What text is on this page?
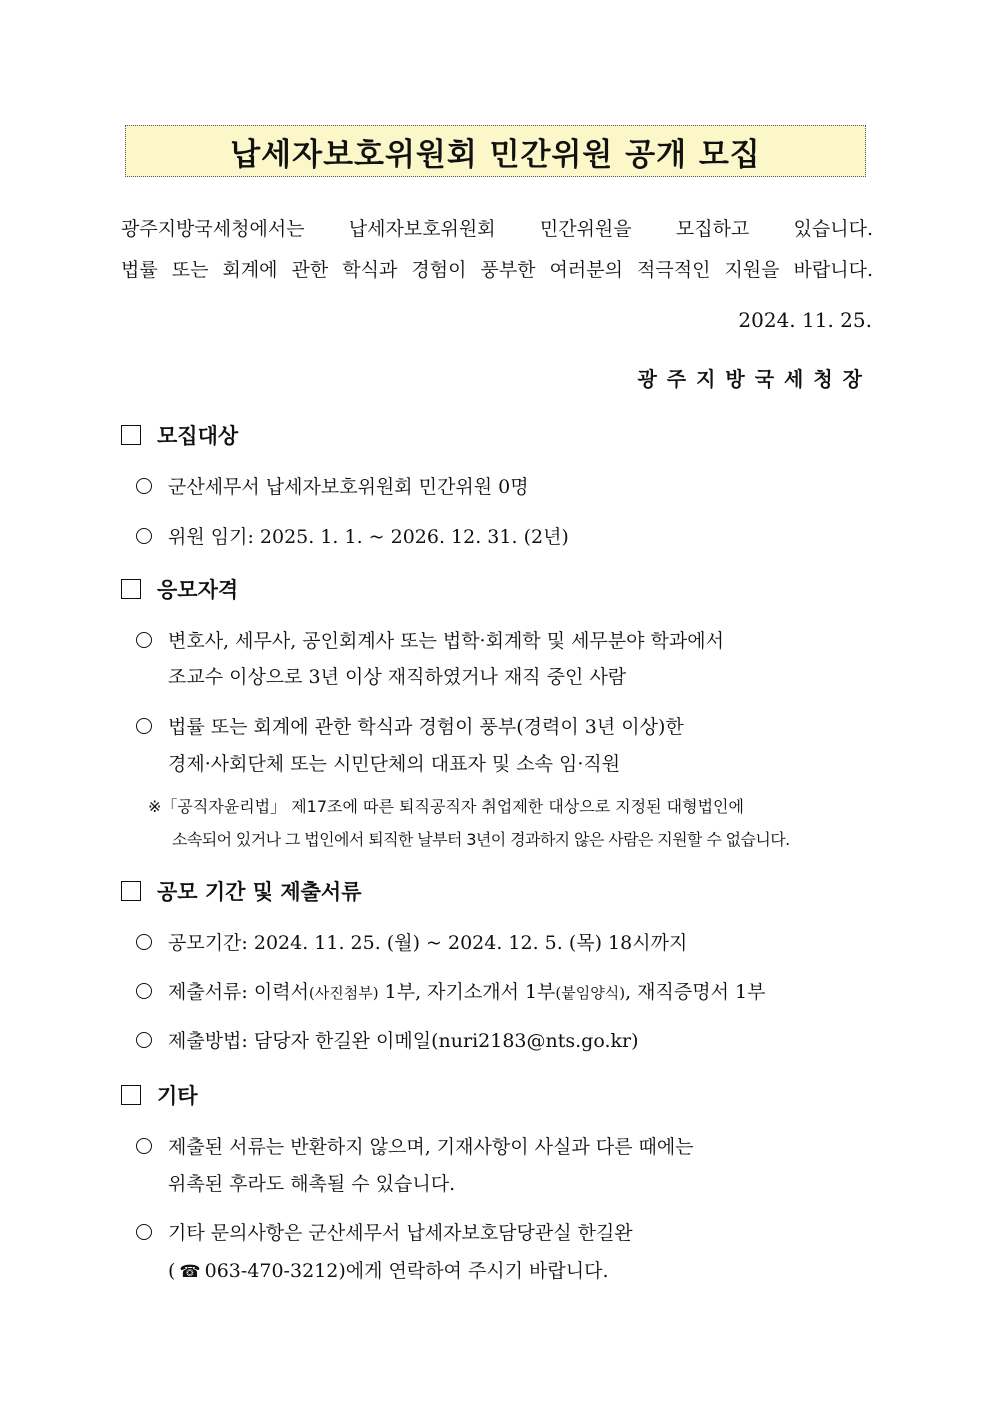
납세자보호위원회 민간위원 공개 모집
광주지방국세청에서는 납세자보호위원회 민간위원을 모집하고 있습니다.
법률 또는 회계에 관한 학식과 경험이 풍부한 여러분의 적극적인 지원을 바랍니다.
2024. 11. 25.
광주지방국세청장
모집대상
군산세무서 납세자보호위원회 민간위원 0명
위원 임기: 2025. 1. 1. ~ 2026. 12. 31. (2년)
응모자격
변호사, 세무사, 공인회계사 또는 법학·회계학 및 세무분야 학과에서
조교수 이상으로 3년 이상 재직하였거나 재직 중인 사람
법률 또는 회계에 관한 학식과 경험이 풍부(경력이 3년 이상)한
경제·사회단체 또는 시민단체의 대표자 및 소속 임·직원
※「공직자윤리법」 제17조에 따른 퇴직공직자 취업제한 대상으로 지정된 대형법인에
소속되어 있거나 그 법인에서 퇴직한 날부터 3년이 경과하지 않은 사람은 지원할 수 없습니다.
공모 기간 및 제출서류
공모기간: 2024. 11. 25. (월) ~ 2024. 12. 5. (목) 18시까지
제출서류: 이력서(사진첨부) 1부, 자기소개서 1부(붙임양식), 재직증명서 1부
제출방법: 담당자 한길완 이메일(nuri2183@nts.go.kr)
기타
제출된 서류는 반환하지 않으며, 기재사항이 사실과 다른 때에는
위촉된 후라도 해촉될 수 있습니다.
기타 문의사항은 군산세무서 납세자보호담당관실 한길완
( ☎ 063-470-3212)에게 연락하여 주시기 바랍니다.
